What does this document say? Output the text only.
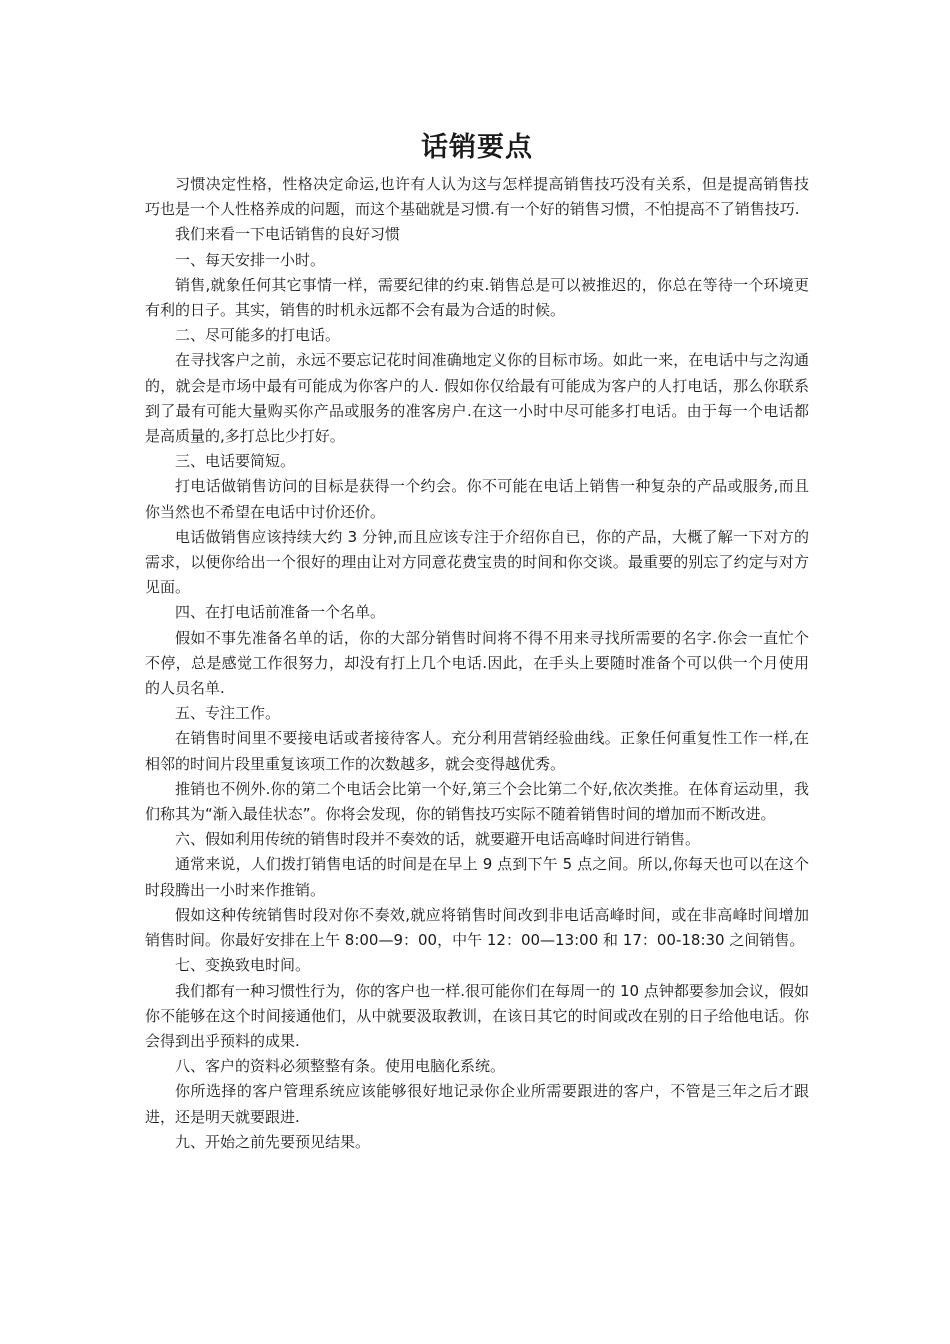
话销要点

习惯决定性格，性格决定命运,也许有人认为这与怎样提高销售技巧没有关系，但是提高销售技巧也是一个人性格养成的问题，而这个基础就是习惯.有一个好的销售习惯，不怕提高不了销售技巧.

我们来看一下电话销售的良好习惯

一、每天安排一小时。

销售,就象任何其它事情一样，需要纪律的约束.销售总是可以被推迟的，你总在等待一个环境更有利的日子。其实，销售的时机永远都不会有最为合适的时候。

二、尽可能多的打电话。

在寻找客户之前，永远不要忘记花时间准确地定义你的目标市场。如此一来，在电话中与之沟通的，就会是市场中最有可能成为你客户的人. 假如你仅给最有可能成为客户的人打电话，那么你联系到了最有可能大量购买你产品或服务的准客房户.在这一小时中尽可能多打电话。由于每一个电话都是高质量的,多打总比少打好。

三、电话要简短。

打电话做销售访问的目标是获得一个约会。你不可能在电话上销售一种复杂的产品或服务,而且你当然也不希望在电话中讨价还价。

电话做销售应该持续大约 3 分钟,而且应该专注于介绍你自已，你的产品，大概了解一下对方的需求，以便你给出一个很好的理由让对方同意花费宝贵的时间和你交谈。最重要的别忘了约定与对方见面。

四、在打电话前准备一个名单。

假如不事先准备名单的话，你的大部分销售时间将不得不用来寻找所需要的名字.你会一直忙个不停，总是感觉工作很努力，却没有打上几个电话.因此，在手头上要随时准备个可以供一个月使用的人员名单.

五、专注工作。

在销售时间里不要接电话或者接待客人。充分利用营销经验曲线。正象任何重复性工作一样,在相邻的时间片段里重复该项工作的次数越多，就会变得越优秀。

推销也不例外.你的第二个电话会比第一个好,第三个会比第二个好,依次类推。在体育运动里，我们称其为“渐入最佳状态”。你将会发现，你的销售技巧实际不随着销售时间的增加而不断改进。

六、假如利用传统的销售时段并不奏效的话，就要避开电话高峰时间进行销售。

通常来说，人们拨打销售电话的时间是在早上 9 点到下午 5 点之间。所以,你每天也可以在这个时段腾出一小时来作推销。

假如这种传统销售时段对你不奏效,就应将销售时间改到非电话高峰时间，或在非高峰时间增加销售时间。你最好安排在上午 8:00—9：00，中午 12：00—13:00 和 17：00-18:30 之间销售。

七、变换致电时间。

我们都有一种习惯性行为，你的客户也一样.很可能你们在每周一的 10 点钟都要参加会议，假如你不能够在这个时间接通他们，从中就要汲取教训，在该日其它的时间或改在别的日子给他电话。你会得到出乎预料的成果.

八、客户的资料必须整整有条。使用电脑化系统。

你所选择的客户管理系统应该能够很好地记录你企业所需要跟进的客户，不管是三年之后才跟进，还是明天就要跟进.

九、开始之前先要预见结果。
